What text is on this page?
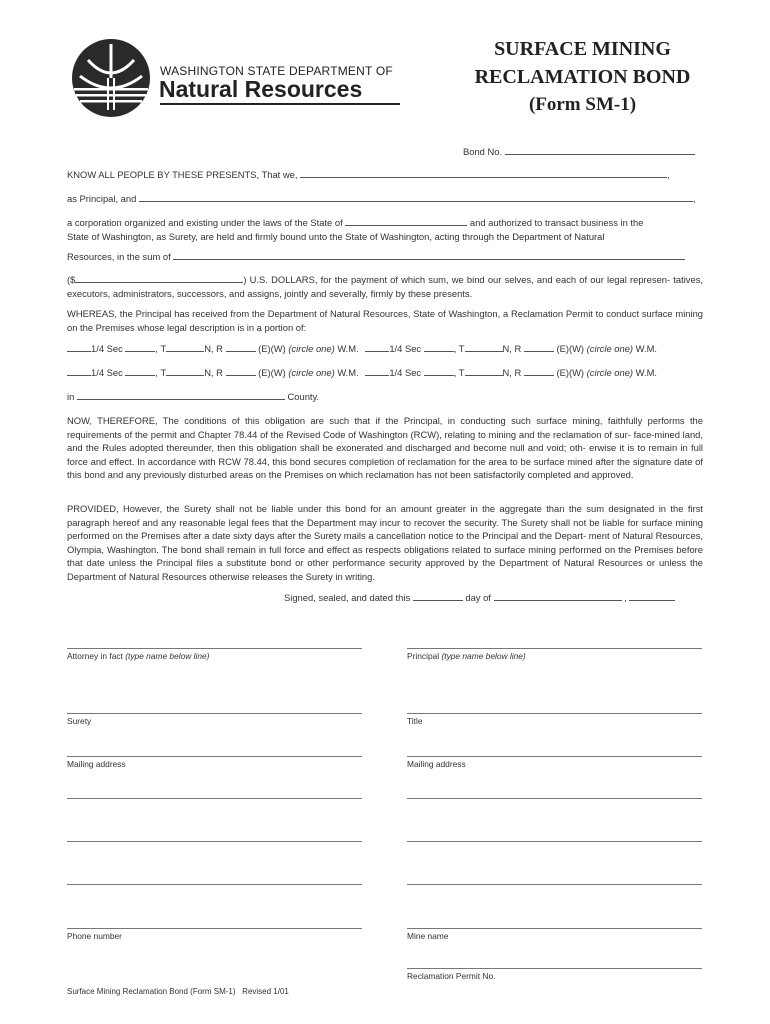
WASHINGTON STATE DEPARTMENT OF
Natural Resources
SURFACE MINING
RECLAMATION BOND
(Form SM-1)
Bond No.
KNOW ALL PEOPLE BY THESE PRESENTS, That we,	,
as Principal, and	,
a corporation organized and existing under the laws of the State of	and authorized to transact business in the
State of Washington, as Surety, are held and firmly bound unto the State of Washington, acting through the Department of Natural
Resources, in the sum of

($	) U.S. DOLLARS, for the payment of which sum, we bind our selves, and each of our legal represen- tatives, executors, administrators, successors, and assigns, jointly and severally, firmly by these presents.

WHEREAS, the Principal has received from the Department of Natural Resources, State of Washington, a Reclamation Permit to conduct surface mining on the Premises whose legal description is in a portion of:

1/4 Sec	, T	N, R	(E)(W) (circle one) W.M.	1/4 Sec	, T	N, R	(E)(W) (circle one) W.M.
1/4 Sec	, T	N, R	(E)(W) (circle one) W.M.	1/4 Sec	, T	N, R	(E)(W) (circle one) W.M.
in	County.

NOW, THEREFORE, The conditions of this obligation are such that if the Principal, in conducting such surface mining, faithfully performs the requirements of the permit and Chapter 78.44 of the Revised Code of Washington (RCW), relating to mining and the reclamation of sur- face-mined land, and the Rules adopted thereunder, then this obligation shall be exonerated and discharged and become null and void; oth- erwise it is to remain in full force and effect. In accordance with RCW 78.44, this bond secures completion of reclamation for the area to be surface mined after the signature date of this bond and any previously disturbed areas on the Premises on which reclamation has not been satisfactorily completed and approved.

PROVIDED, However, the Surety shall not be liable under this bond for an amount greater in the aggregate than the sum designated in the first paragraph hereof and any reasonable legal fees that the Department may incur to recover the security. The Surety shall not be liable for surface mining performed on the Premises after a date sixty days after the Surety mails a cancellation notice to the Principal and the Depart- ment of Natural Resources, Olympia, Washington. The bond shall remain in full force and effect as respects obligations related to surface mining performed on the Premises before that date unless the Principal files a substitute bond or other performance security approved by the Department of Natural Resources or unless the Department of Natural Resources otherwise releases the Surety in writing.

Signed, sealed, and dated this	day of	,
Attorney in fact (type name below line)	Principal (type name below line)
Surety	Title
Mailing address	Mailing address
Phone number	Mine name
Reclamation Permit No.
Surface Mining Reclamation Bond (Form SM-1)   Revised 1/01
